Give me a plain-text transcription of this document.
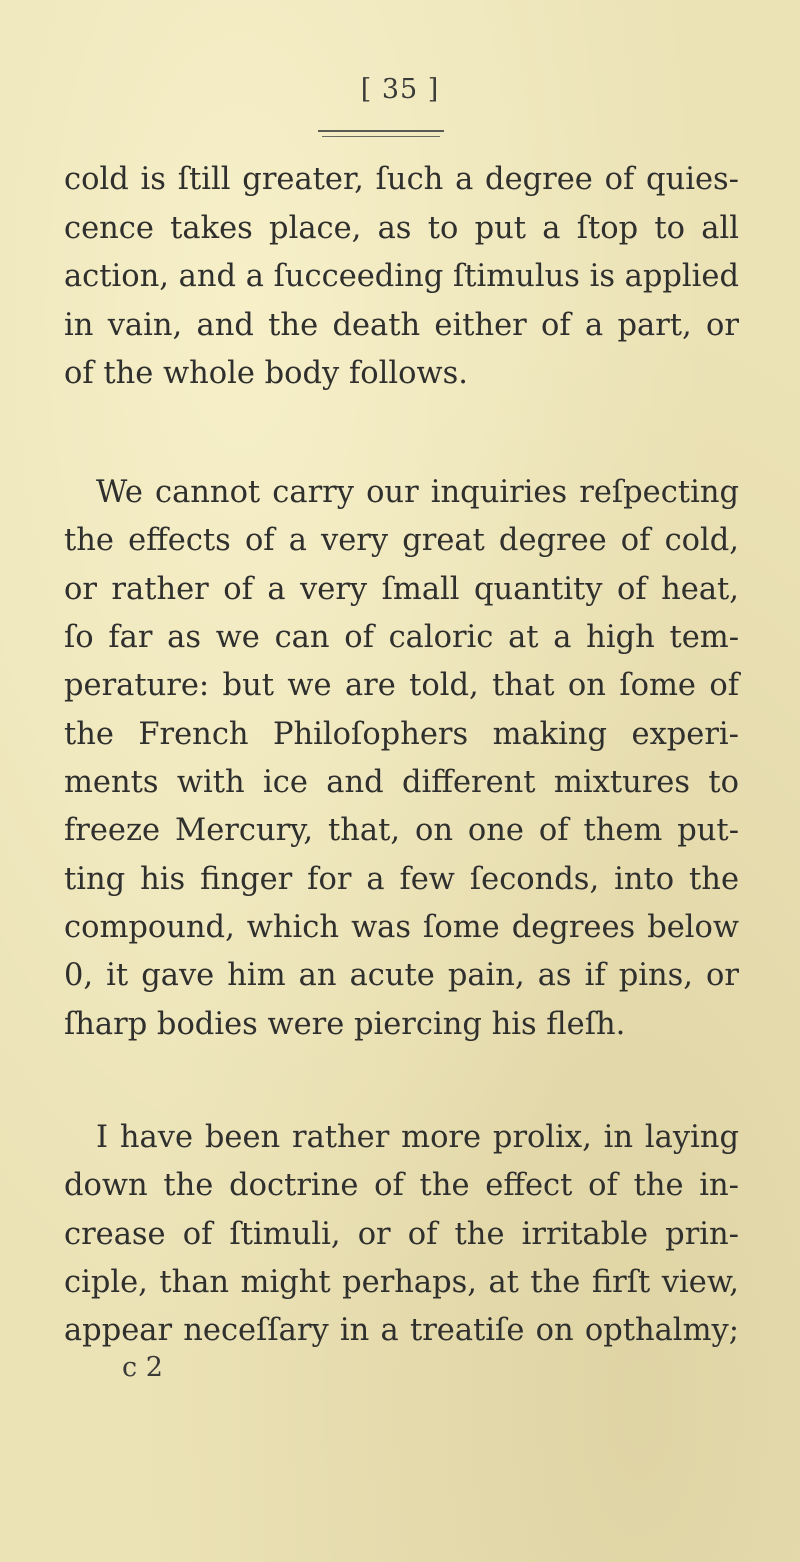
[ 35 ]
cold is ſtill greater, ſuch a degree of quies-
cence takes place, as to put a ſtop to all
action, and a ſucceeding ſtimulus is applied
in vain, and the death either of a part, or
of the whole body follows.
We cannot carry our inquiries reſpecting
the effects of a very great degree of cold,
or rather of a very ſmall quantity of heat,
ſo far as we can of caloric at a high tem-
perature: but we are told, that on ſome of
the French Philoſophers making experi-
ments with ice and different mixtures to
freeze Mercury, that, on one of them put-
ting his finger for a few ſeconds, into the
compound, which was ſome degrees below
0, it gave him an acute pain, as if pins, or
ſharp bodies were piercing his fleſh.
I have been rather more prolix, in laying
down the doctrine of the effect of the in-
crease of ſtimuli, or of the irritable prin-
ciple, than might perhaps, at the firſt view,
appear neceſſary in a treatiſe on opthalmy;
c 2
